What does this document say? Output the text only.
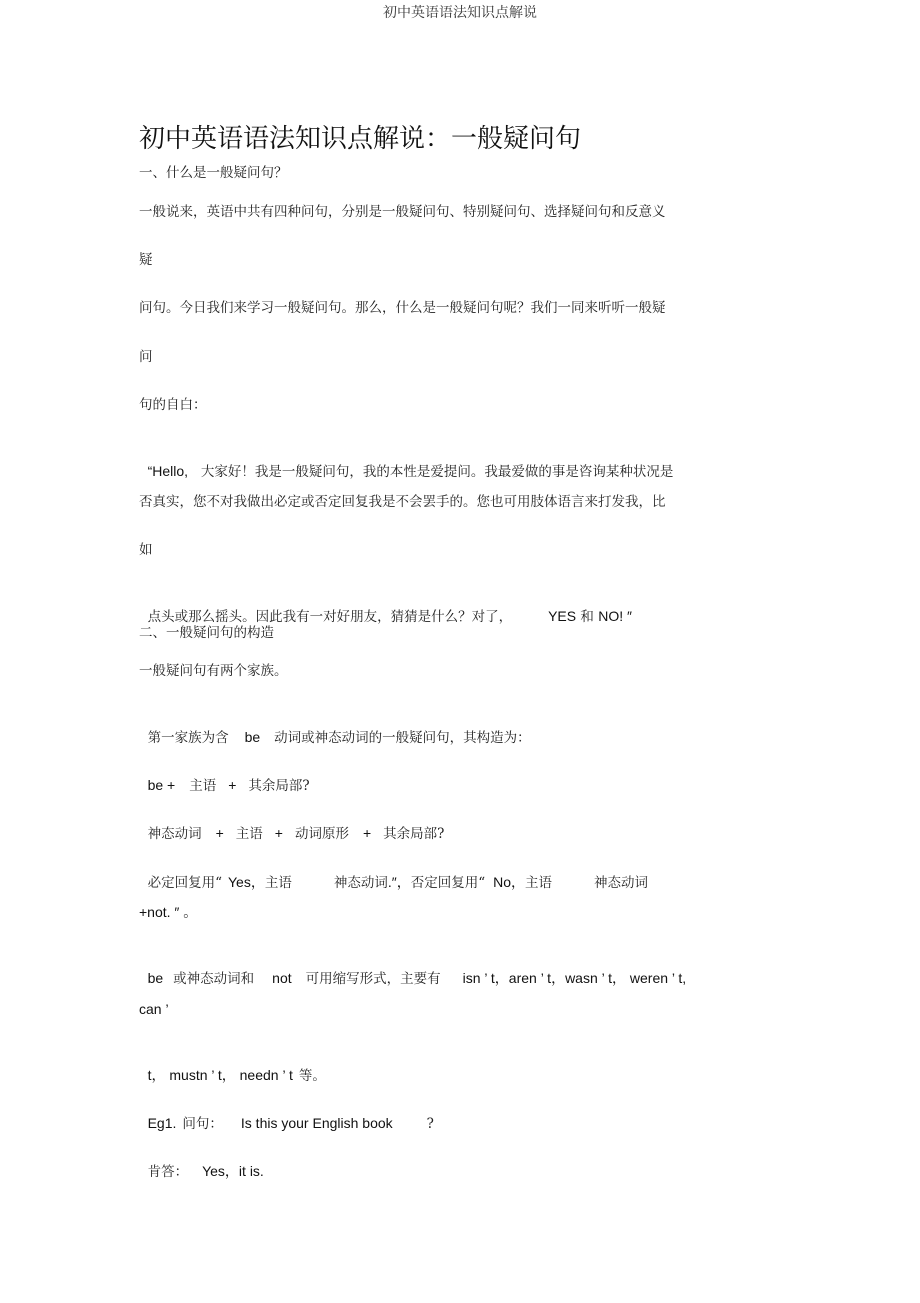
初中英语语法知识点解说
初中英语语法知识点解说：一般疑问句
一、什么是一般疑问句？
一般说来，英语中共有四种问句，分别是一般疑问句、特别疑问句、选择疑问句和反意义
疑
问句。今日我们来学习一般疑问句。那么，什么是一般疑问句呢？我们一同来听听一般疑
问
句的自白：

“Hello,   大家好！我是一般疑问句，我的本性是爱提问。我最爱做的事是咨询某种状况是

否真实，您不对我做出必定或否定回复我是不会罢手的。您也可用肢体语言来打发我，比
如

点头或那么摇头。因此我有一对好朋友，猜猜是什么？对了，	YES 和 NO! ″

二、一般疑问句的构造
一般疑问句有两个家族。

第一家族为含 be 动词或神态动词的一般疑问句，其构造为：

be + 主语 + 其余局部?

神态动词 + 主语 + 动词原形 + 其余局部?

必定回复用“ Yes，主语	神态动词.″，否定回复用“ No，主语	神态动词

+not. ″ 。

be 或神态动词和 not 可用缩写形式，主要有 isn ’ t，aren ’ t，wasn ’ t， weren ’ t,

can ’

t， mustn ’ t， needn ’ t 等。

Eg1. 问句： Is this your English book	?

肯答： Yes，it is.
